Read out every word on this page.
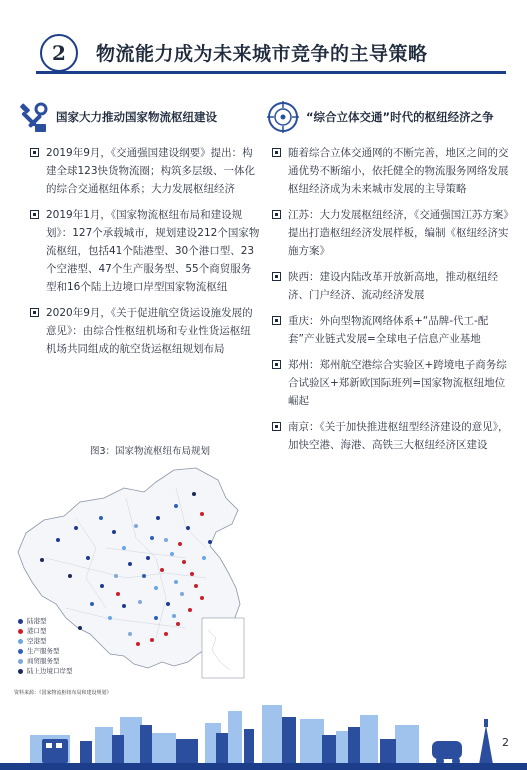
2	物流能力成为未来城市竞争的主导策略
国家大力推动国家物流枢纽建设
2019年9月，《交通强国建设纲要》提出：构建全球123快货物流圈；构筑多层级、一体化的综合交通枢纽体系；大力发展枢纽经济
2019年1月，《国家物流枢纽布局和建设规划》：127个承载城市，规划建设212个国家物流枢纽，包括41个陆港型、30个港口型、23个空港型、47个生产服务型、55个商贸服务型和16个陆上边境口岸型国家物流枢纽
2020年9月，《关于促进航空货运设施发展的意见》：由综合性枢纽机场和专业性货运枢纽机场共同组成的航空货运枢纽规划布局
图3：国家物流枢纽布局规划
陆港型
港口型
空港型
生产服务型
商贸服务型
陆上边境口岸型
资料来源：《国家物流枢纽布局和建设规划》
“综合立体交通”时代的枢纽经济之争
随着综合立体交通网的不断完善，地区之间的交通优势不断缩小，依托健全的物流服务网络发展枢纽经济成为未来城市发展的主导策略
江苏：大力发展枢纽经济，《交通强国江苏方案》提出打造枢纽经济发展样板，编制《枢纽经济实施方案》
陕西：建设内陆改革开放新高地，推动枢纽经济、门户经济、流动经济发展
重庆：外向型物流网络体系+“品牌-代工-配套”产业链式发展=全球电子信息产业基地
郑州：郑州航空港综合实验区+跨境电子商务综合试验区+郑新欧国际班列=国家物流枢纽地位崛起
南京：《关于加快推进枢纽型经济建设的意见》，加快空港、海港、高铁三大枢纽经济区建设
2
